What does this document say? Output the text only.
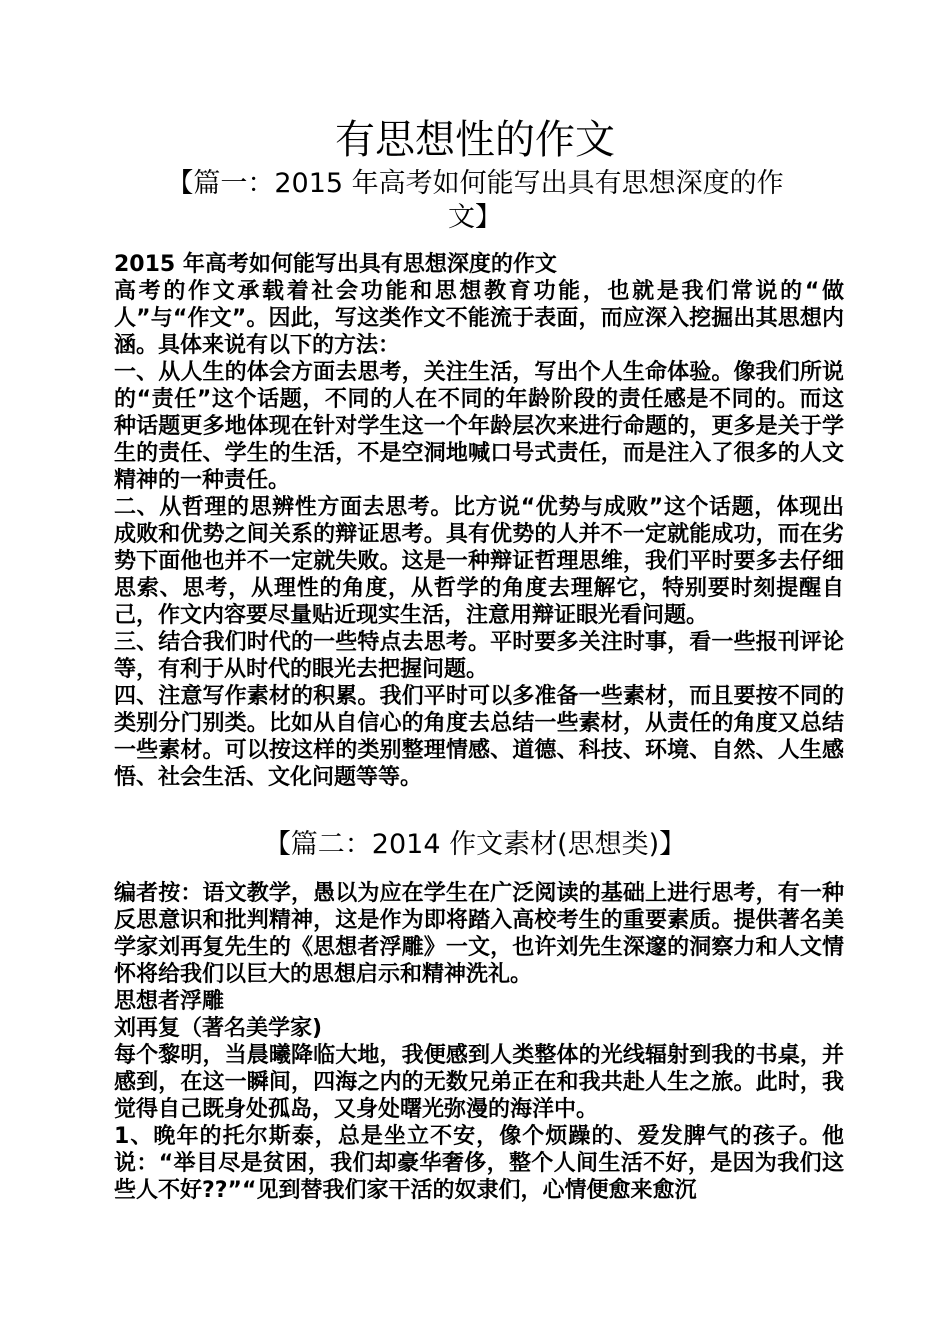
有思想性的作文
【篇一：2015 年高考如何能写出具有思想深度的作文】

2015 年高考如何能写出具有思想深度的作文

高考的作文承载着社会功能和思想教育功能，也就是我们常说的“做人”与“作文”。因此，写这类作文不能流于表面，而应深入挖掘出其思想内涵。具体来说有以下的方法：

一、从人生的体会方面去思考，关注生活，写出个人生命体验。像我们所说的“责任”这个话题，不同的人在不同的年龄阶段的责任感是不同的。而这种话题更多地体现在针对学生这一个年龄层次来进行命题的，更多是关于学生的责任、学生的生活，不是空洞地喊口号式责任，而是注入了很多的人文精神的一种责任。

二、从哲理的思辨性方面去思考。比方说“优势与成败”这个话题，体现出成败和优势之间关系的辩证思考。具有优势的人并不一定就能成功，而在劣势下面他也并不一定就失败。这是一种辩证哲理思维，我们平时要多去仔细思索、思考，从理性的角度，从哲学的角度去理解它，特别要时刻提醒自己，作文内容要尽量贴近现实生活，注意用辩证眼光看问题。

三、结合我们时代的一些特点去思考。平时要多关注时事，看一些报刊评论等，有利于从时代的眼光去把握问题。

四、注意写作素材的积累。我们平时可以多准备一些素材，而且要按不同的类别分门别类。比如从自信心的角度去总结一些素材，从责任的角度又总结一些素材。可以按这样的类别整理情感、道德、科技、环境、自然、人生感悟、社会生活、文化问题等等。

【篇二：2014 作文素材(思想类)】

编者按：语文教学，愚以为应在学生在广泛阅读的基础上进行思考，有一种反思意识和批判精神，这是作为即将踏入高校考生的重要素质。提供著名美学家刘再复先生的《思想者浮雕》一文，也许刘先生深邃的洞察力和人文情怀将给我们以巨大的思想启示和精神洗礼。

思想者浮雕

刘再复（著名美学家)

每个黎明，当晨曦降临大地，我便感到人类整体的光线辐射到我的书桌，并感到，在这一瞬间，四海之内的无数兄弟正在和我共赴人生之旅。此时，我觉得自己既身处孤岛，又身处曙光弥漫的海洋中。

1、晚年的托尔斯泰，总是坐立不安，像个烦躁的、爱发脾气的孩子。他说：“举目尽是贫困，我们却豪华奢侈，整个人间生活不好，是因为我们这些人不好??”“见到替我们家干活的奴隶们，心情便愈来愈沉
